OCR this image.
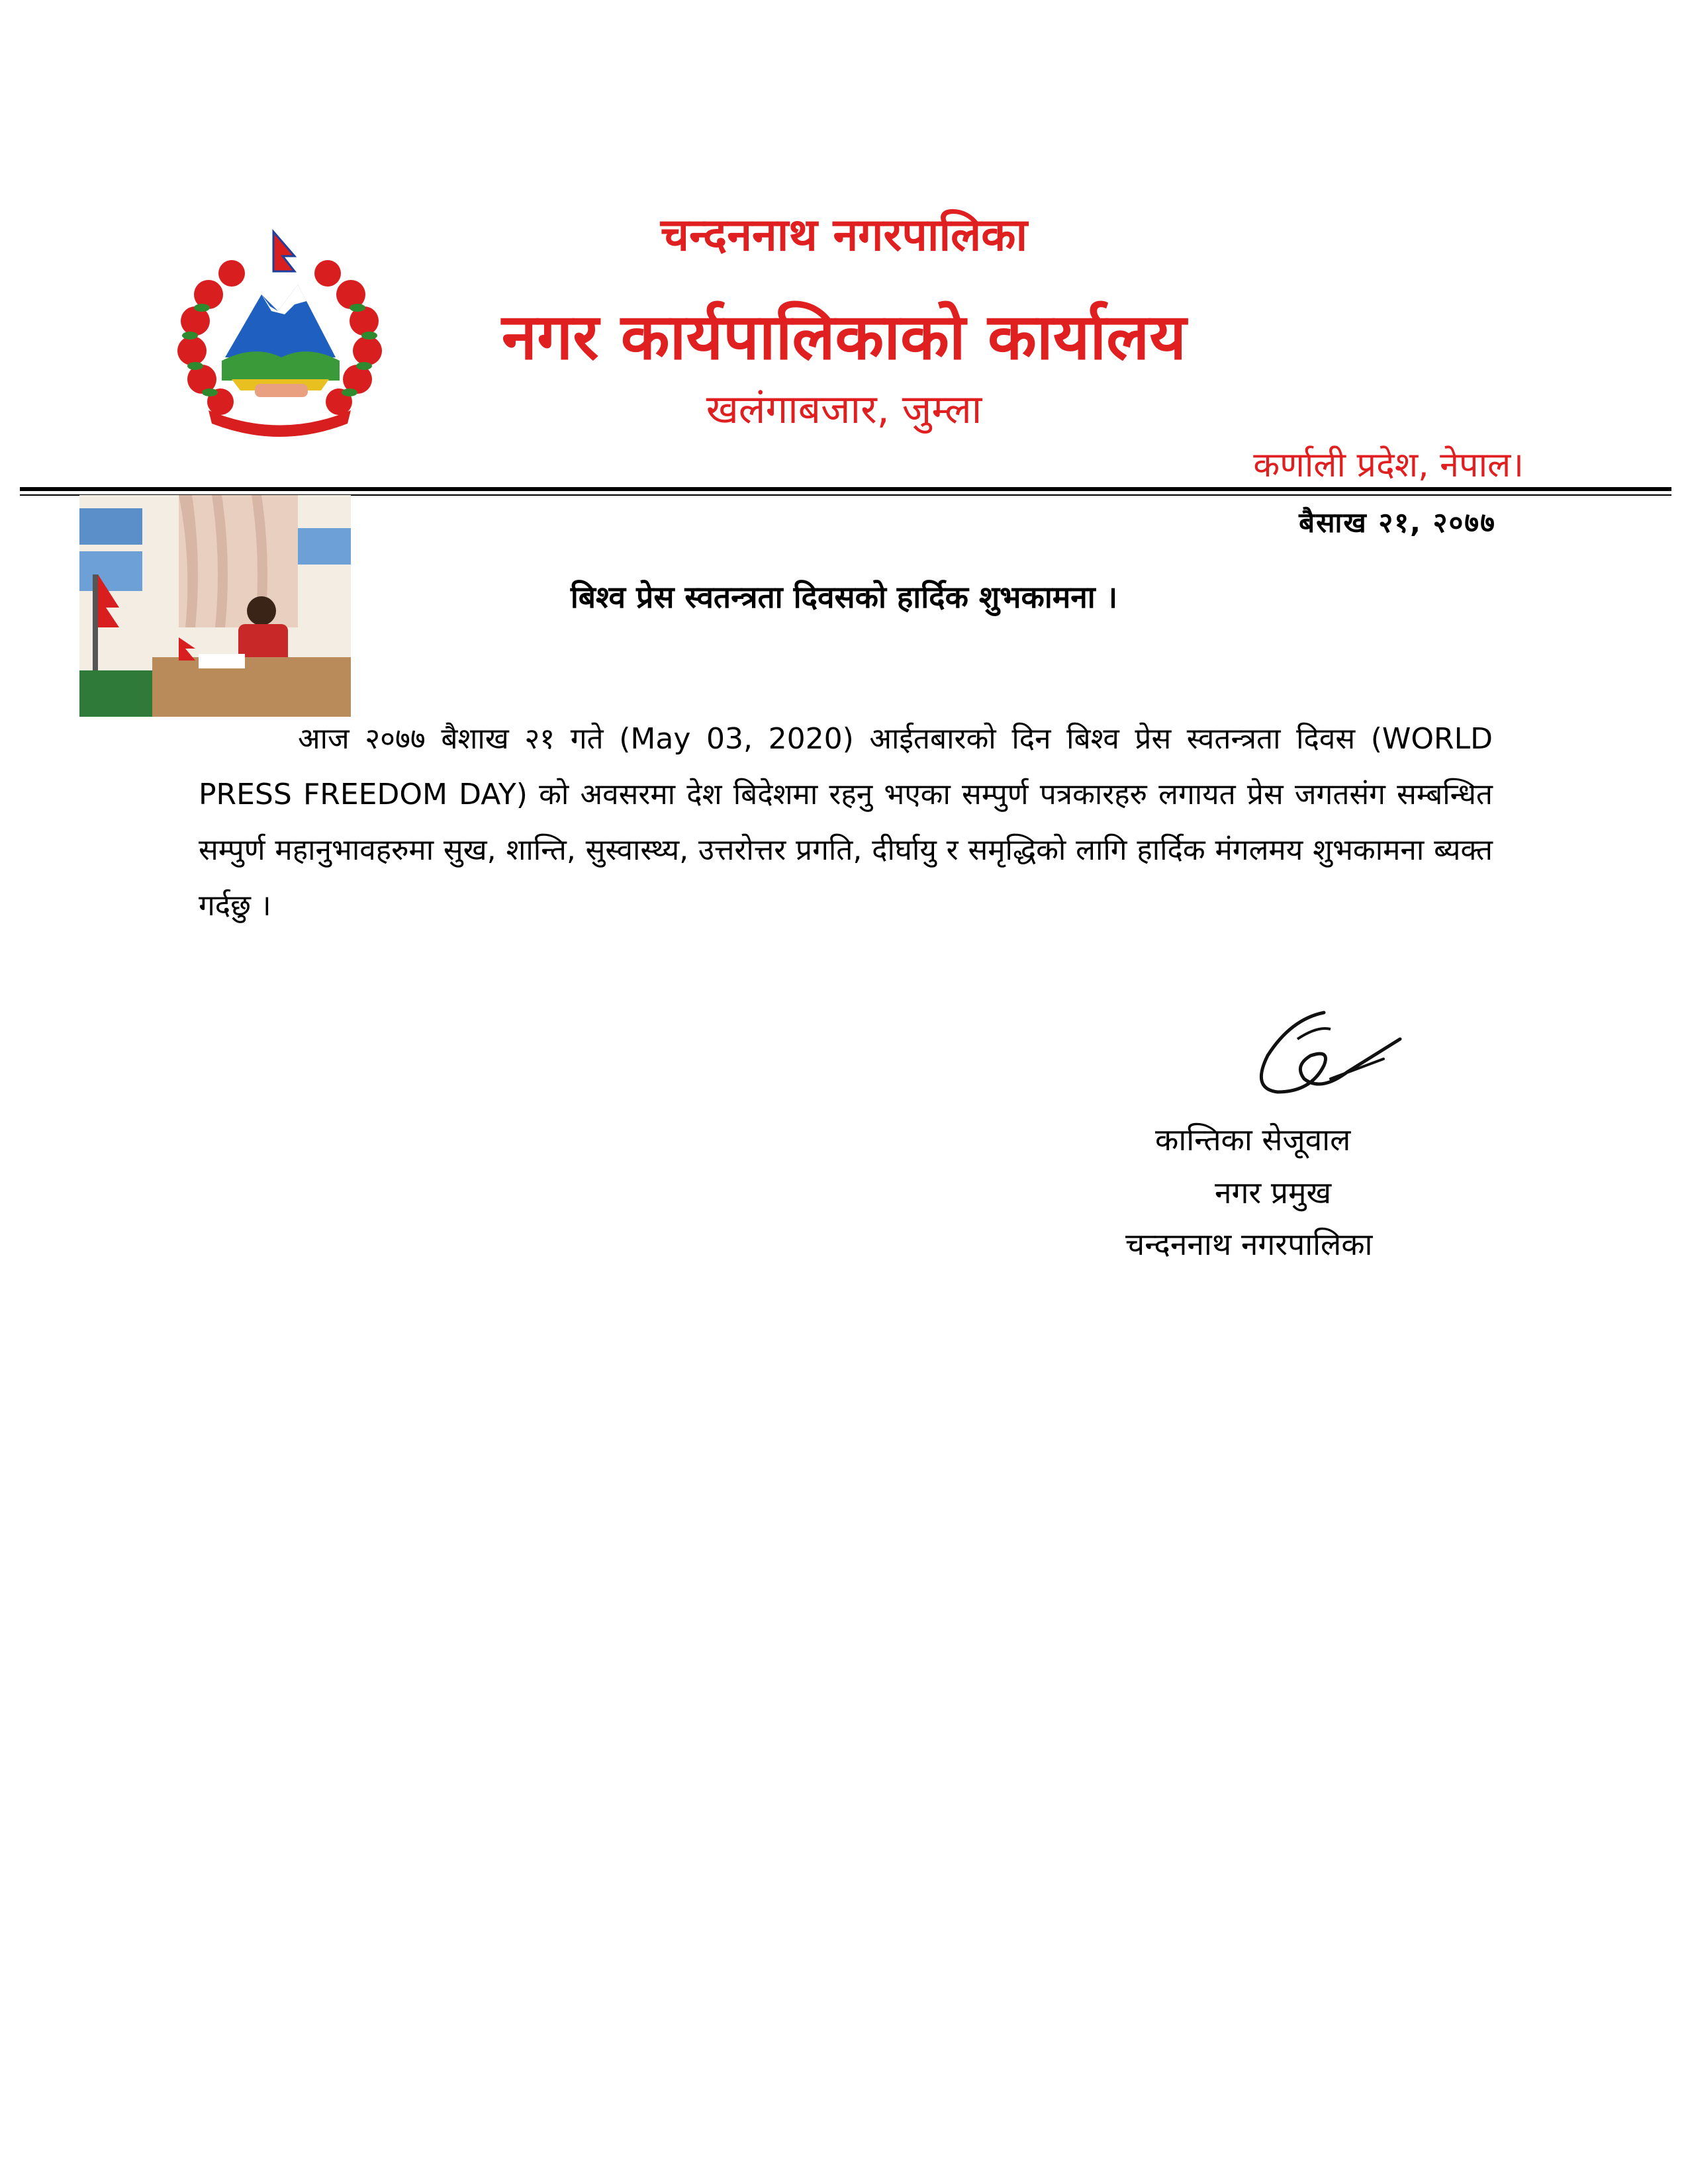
चन्दननाथ नगरपालिका
नगर कार्यपालिकाको कार्यालय
खलंगाबजार, जुम्ला
कर्णाली प्रदेश, नेपाल।
बैसाख २१, २०७७
बिश्व प्रेस स्वतन्त्रता दिवसको हार्दिक शुभकामना ।
आज २०७७ बैशाख २१ गते (May 03, 2020) आईतबारको दिन बिश्व प्रेस स्वतन्त्रता दिवस (WORLD PRESS FREEDOM DAY) को अवसरमा देश बिदेशमा रहनु भएका सम्पुर्ण पत्रकारहरु लगायत प्रेस जगतसंग सम्बन्धित सम्पुर्ण महानुभावहरुमा सुख, शान्ति, सुस्वास्थ्य, उत्तरोत्तर प्रगति, दीर्घायु र समृद्धिको लागि हार्दिक मंगलमय शुभकामना ब्यक्त गर्दछु ।
कान्तिका सेजूवाल
नगर प्रमुख
चन्दननाथ नगरपालिका
